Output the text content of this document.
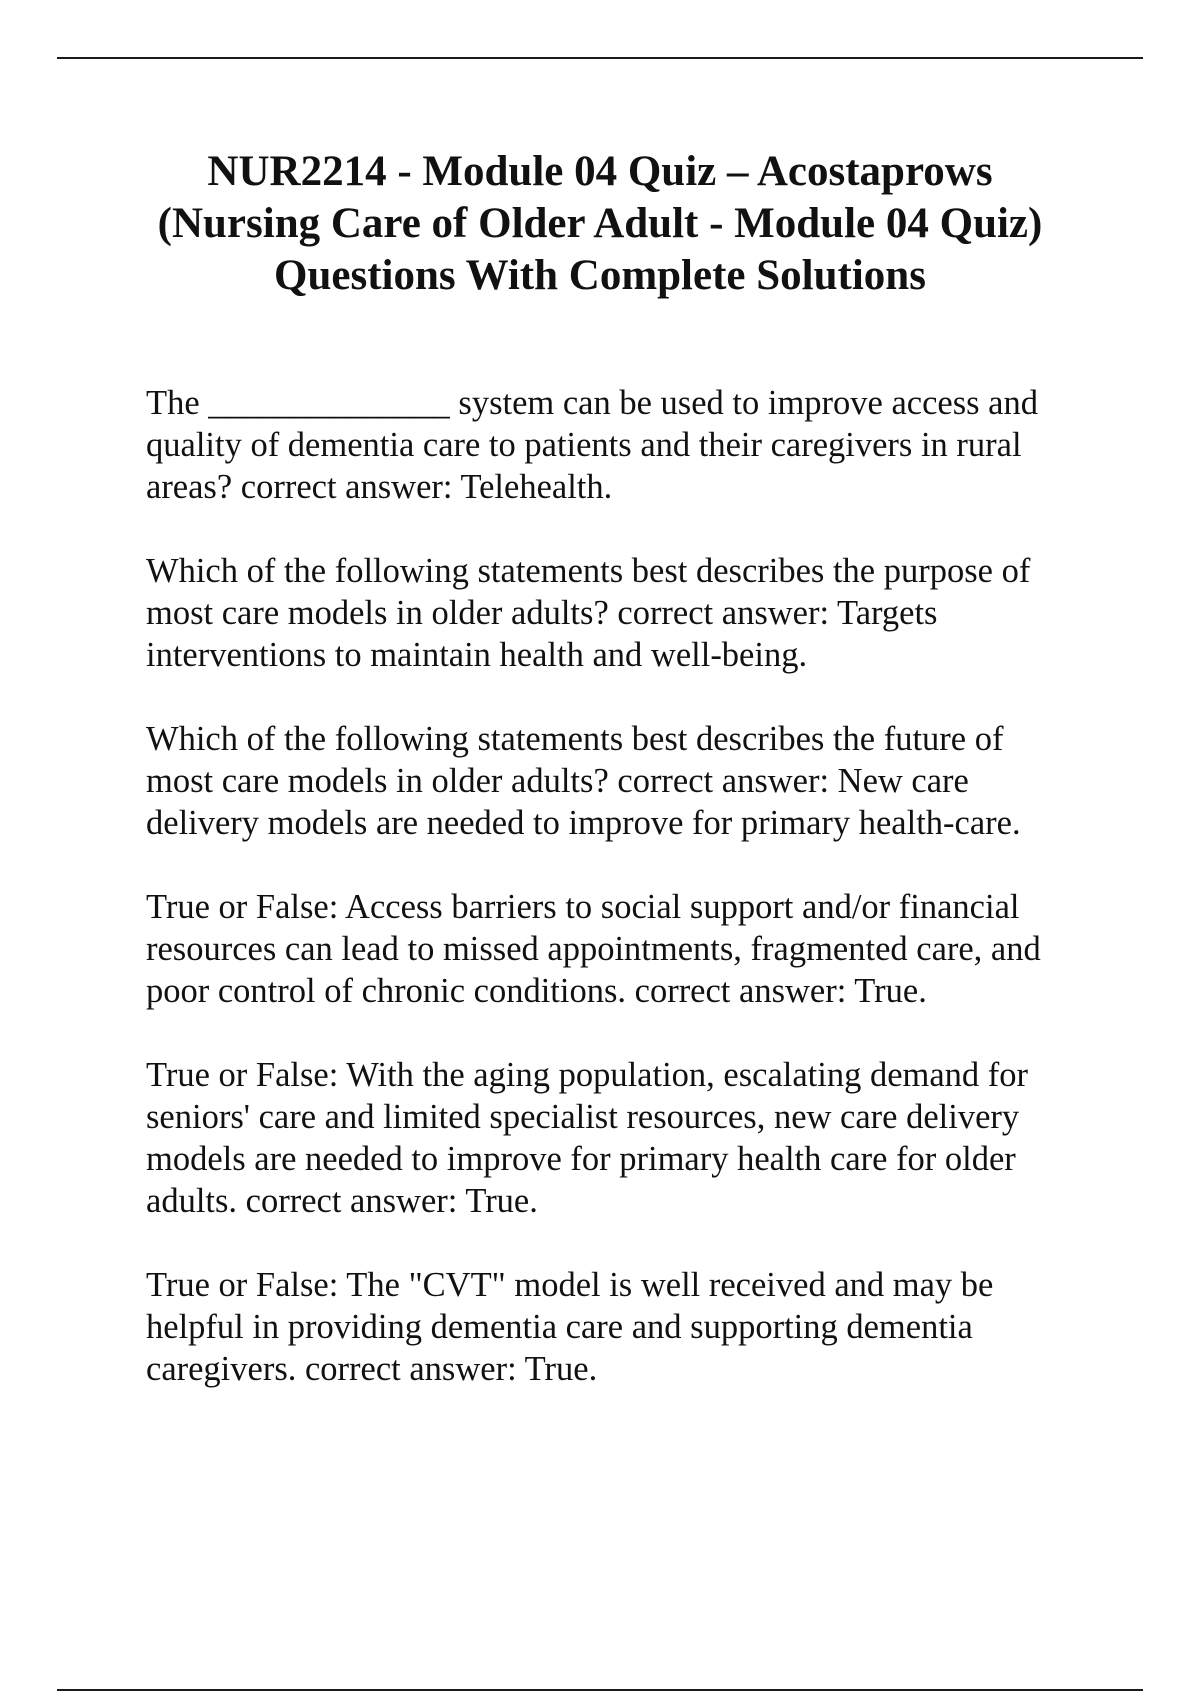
NUR2214 - Module 04 Quiz – Acostaprows
(Nursing Care of Older Adult - Module 04 Quiz)
Questions With Complete Solutions

The ______________ system can be used to improve access and
quality of dementia care to patients and their caregivers in rural
areas? correct answer: Telehealth.

Which of the following statements best describes the purpose of
most care models in older adults? correct answer: Targets
interventions to maintain health and well-being.

Which of the following statements best describes the future of
most care models in older adults? correct answer: New care
delivery models are needed to improve for primary health-care.

True or False: Access barriers to social support and/or financial
resources can lead to missed appointments, fragmented care, and
poor control of chronic conditions. correct answer: True.

True or False: With the aging population, escalating demand for
seniors' care and limited specialist resources, new care delivery
models are needed to improve for primary health care for older
adults. correct answer: True.

True or False: The "CVT" model is well received and may be
helpful in providing dementia care and supporting dementia
caregivers. correct answer: True.
